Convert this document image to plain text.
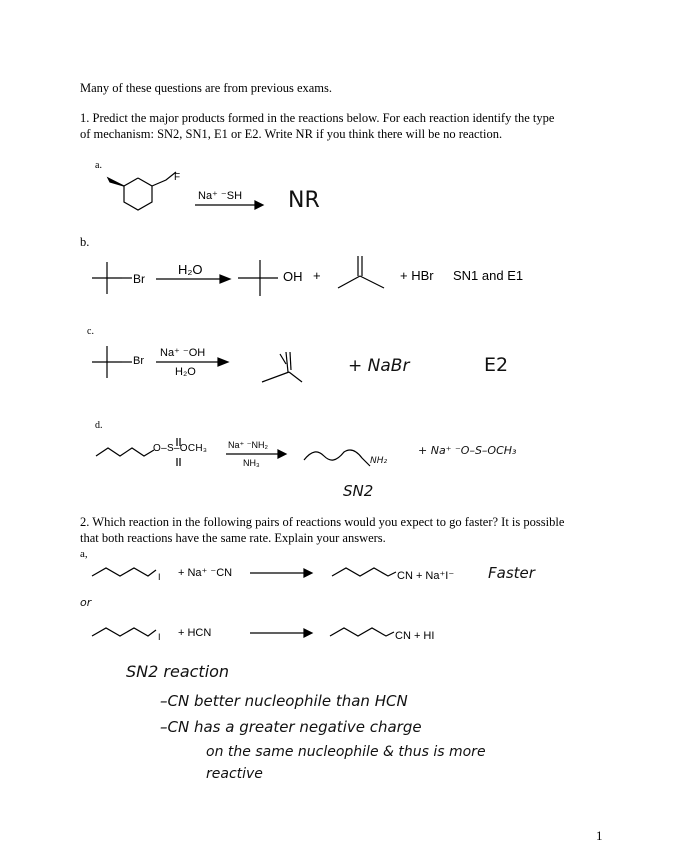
Many of these questions are from previous exams.
1. Predict the major products formed in the reactions below. For each reaction identify the type
of mechanism: SN2, SN1, E1 or E2. Write NR if you think there will be no reaction.
a.
F
Na⁺ ⁻SH NR
b.
Br
H₂O	OH +	+ HBr SN1 and E1
c.
Br
Na⁺ ⁻OH
H₂O	+ NaBr	E2
d.
O–S–OCH₃ Na⁺ ⁻NH₂
NH₃	NH₂
+ Na⁺ ⁻O–S–OCH₃
SN2
2. Which reaction in the following pairs of reactions would you expect to go faster? It is possible
that both reactions have the same rate. Explain your answers.
a,
I + Na⁺ ⁻CN	CN + Na⁺I⁻ Faster
or
I + HCN	CN + HI
SN2 reaction
–CN better nucleophile than HCN
–CN has a greater negative charge
on the same nucleophile & thus is more
reactive
1
